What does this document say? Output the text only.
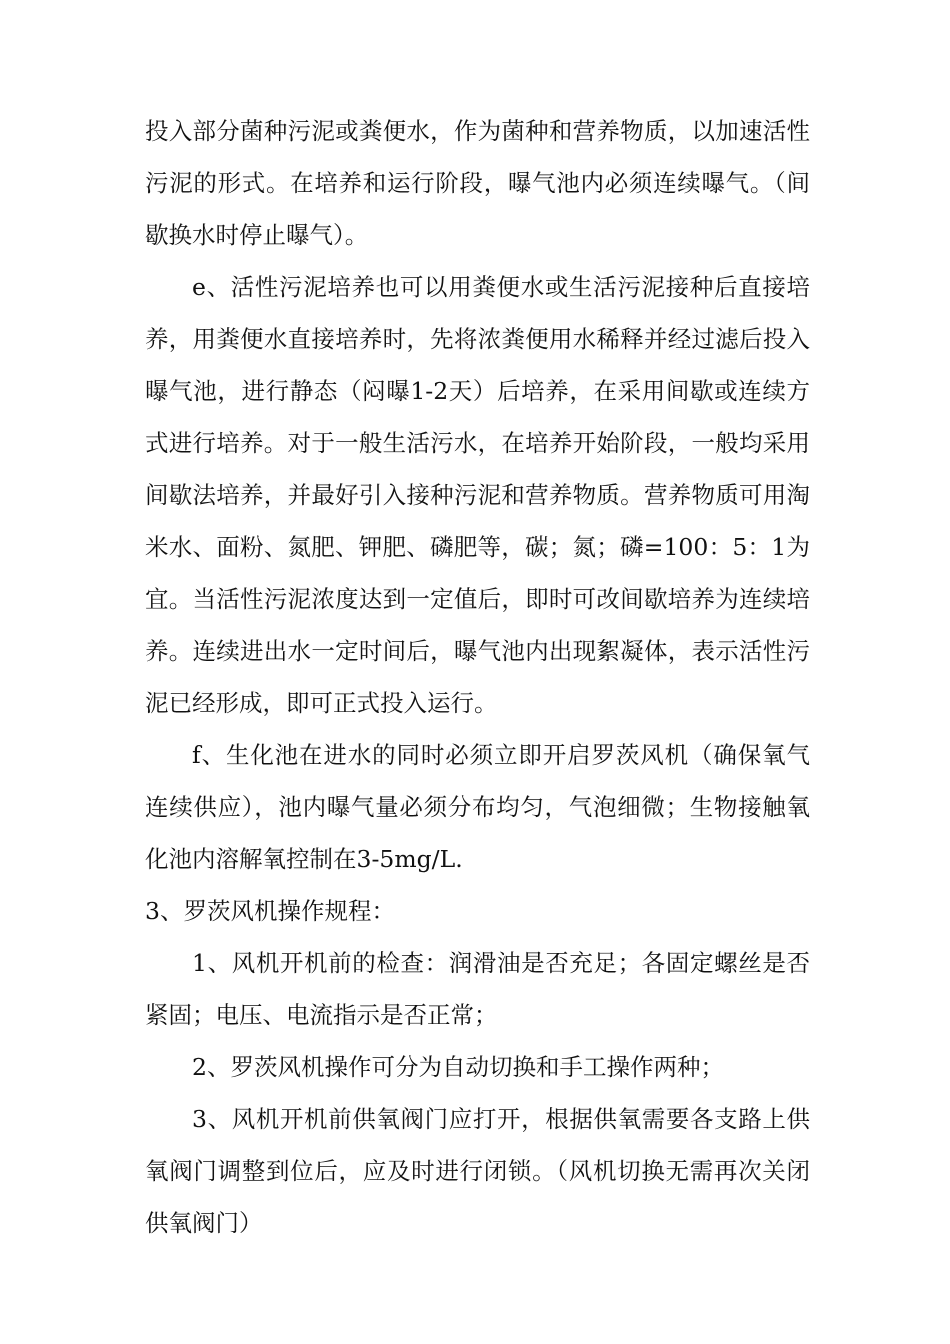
投入部分菌种污泥或粪便水，作为菌种和营养物质，以加速活性污泥的形式。在培养和运行阶段，曝气池内必须连续曝气。（间歇换水时停止曝气）。

e、活性污泥培养也可以用粪便水或生活污泥接种后直接培养，用粪便水直接培养时，先将浓粪便用水稀释并经过滤后投入曝气池，进行静态（闷曝1-2天）后培养，在采用间歇或连续方式进行培养。对于一般生活污水，在培养开始阶段，一般均采用间歇法培养，并最好引入接种污泥和营养物质。营养物质可用淘米水、面粉、氮肥、钾肥、磷肥等，碳；氮；磷=100：5：1为宜。当活性污泥浓度达到一定值后，即时可改间歇培养为连续培养。连续进出水一定时间后，曝气池内出现絮凝体，表示活性污泥已经形成，即可正式投入运行。

f、生化池在进水的同时必须立即开启罗茨风机（确保氧气连续供应），池内曝气量必须分布均匀，气泡细微；生物接触氧化池内溶解氧控制在3-5mg/L.

3、罗茨风机操作规程：

1、风机开机前的检查：润滑油是否充足；各固定螺丝是否紧固；电压、电流指示是否正常；

2、罗茨风机操作可分为自动切换和手工操作两种；

3、风机开机前供氧阀门应打开，根据供氧需要各支路上供氧阀门调整到位后，应及时进行闭锁。（风机切换无需再次关闭供氧阀门）
